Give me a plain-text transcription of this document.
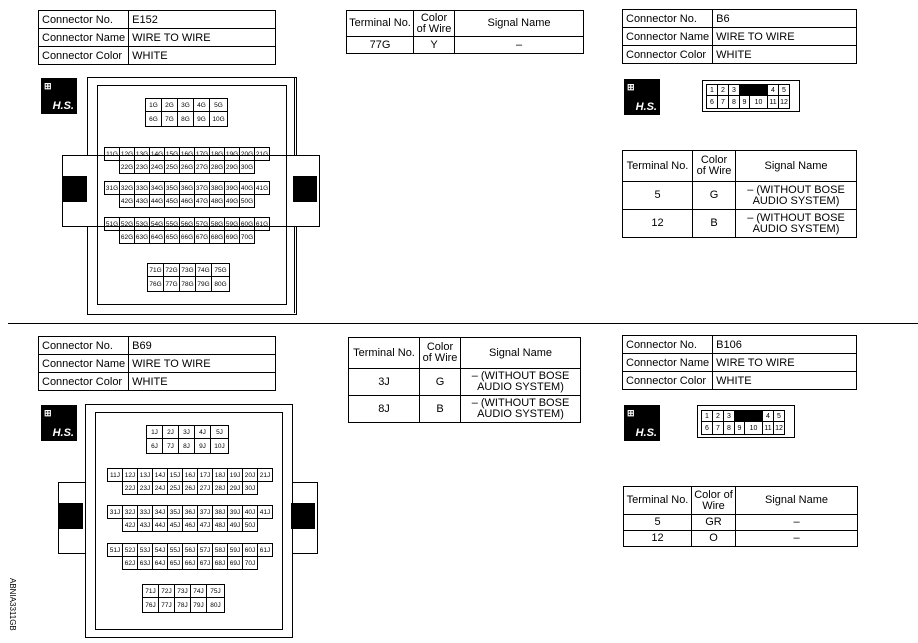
Connector No.	E152
Connector Name	WIRE TO WIRE
Connector Color	WHITE
⊞
H.S.	1G	2G	3G	4G	5G
6G	7G	8G	9G	10G
11G	12G	13G	14G	15G	16G	17G	18G	19G	20G	21G
22G	23G	24G	25G	26G	27G	28G	29G	30G
31G	32G	33G	34G	35G	36G	37G	38G	39G	40G	41G
42G	43G	44G	45G	46G	47G	48G	49G	50G
51G	52G	53G	54G	55G	56G	57G	58G	59G	60G	61G
62G	63G	64G	65G	66G	67G	68G	69G	70G
71G	72G	73G	74G	75G
76G	77G	78G	79G	80G
Terminal No.	Color of Wire	Signal Name
77G	Y	–
Connector No.	B6
Connector Name	WIRE TO WIRE
Connector Color	WHITE
⊞
H.S.
1	2	3			4	5
6	7	8	9	10	11	12
Terminal No.	Color of Wire	Signal Name
5	G	– (WITHOUT BOSE AUDIO SYSTEM)
12	B	– (WITHOUT BOSE AUDIO SYSTEM)
Connector No.	B69
Connector Name	WIRE TO WIRE
Connector Color	WHITE
⊞
H.S.	1J	2J	3J	4J	5J
6J	7J	8J	9J	10J
11J	12J	13J	14J	15J	16J	17J	18J	19J	20J	21J
22J	23J	24J	25J	26J	27J	28J	29J	30J
31J	32J	33J	34J	35J	36J	37J	38J	39J	40J	41J
42J	43J	44J	45J	46J	47J	48J	49J	50J
51J	52J	53J	54J	55J	56J	57J	58J	59J	60J	61J
62J	63J	64J	65J	66J	67J	68J	69J	70J
71J	72J	73J	74J	75J
76J	77J	78J	79J	80J
Terminal No.	Color of Wire	Signal Name
3J	G	– (WITHOUT BOSE AUDIO SYSTEM)
8J	B	– (WITHOUT BOSE AUDIO SYSTEM)
Connector No.	B106
Connector Name	WIRE TO WIRE
Connector Color	WHITE
⊞
H.S.
1	2	3			4	5
6	7	8	9	10	11	12
Terminal No.	Color of Wire	Signal Name
5	GR	–
12	O	–
ABNIA3311GB
